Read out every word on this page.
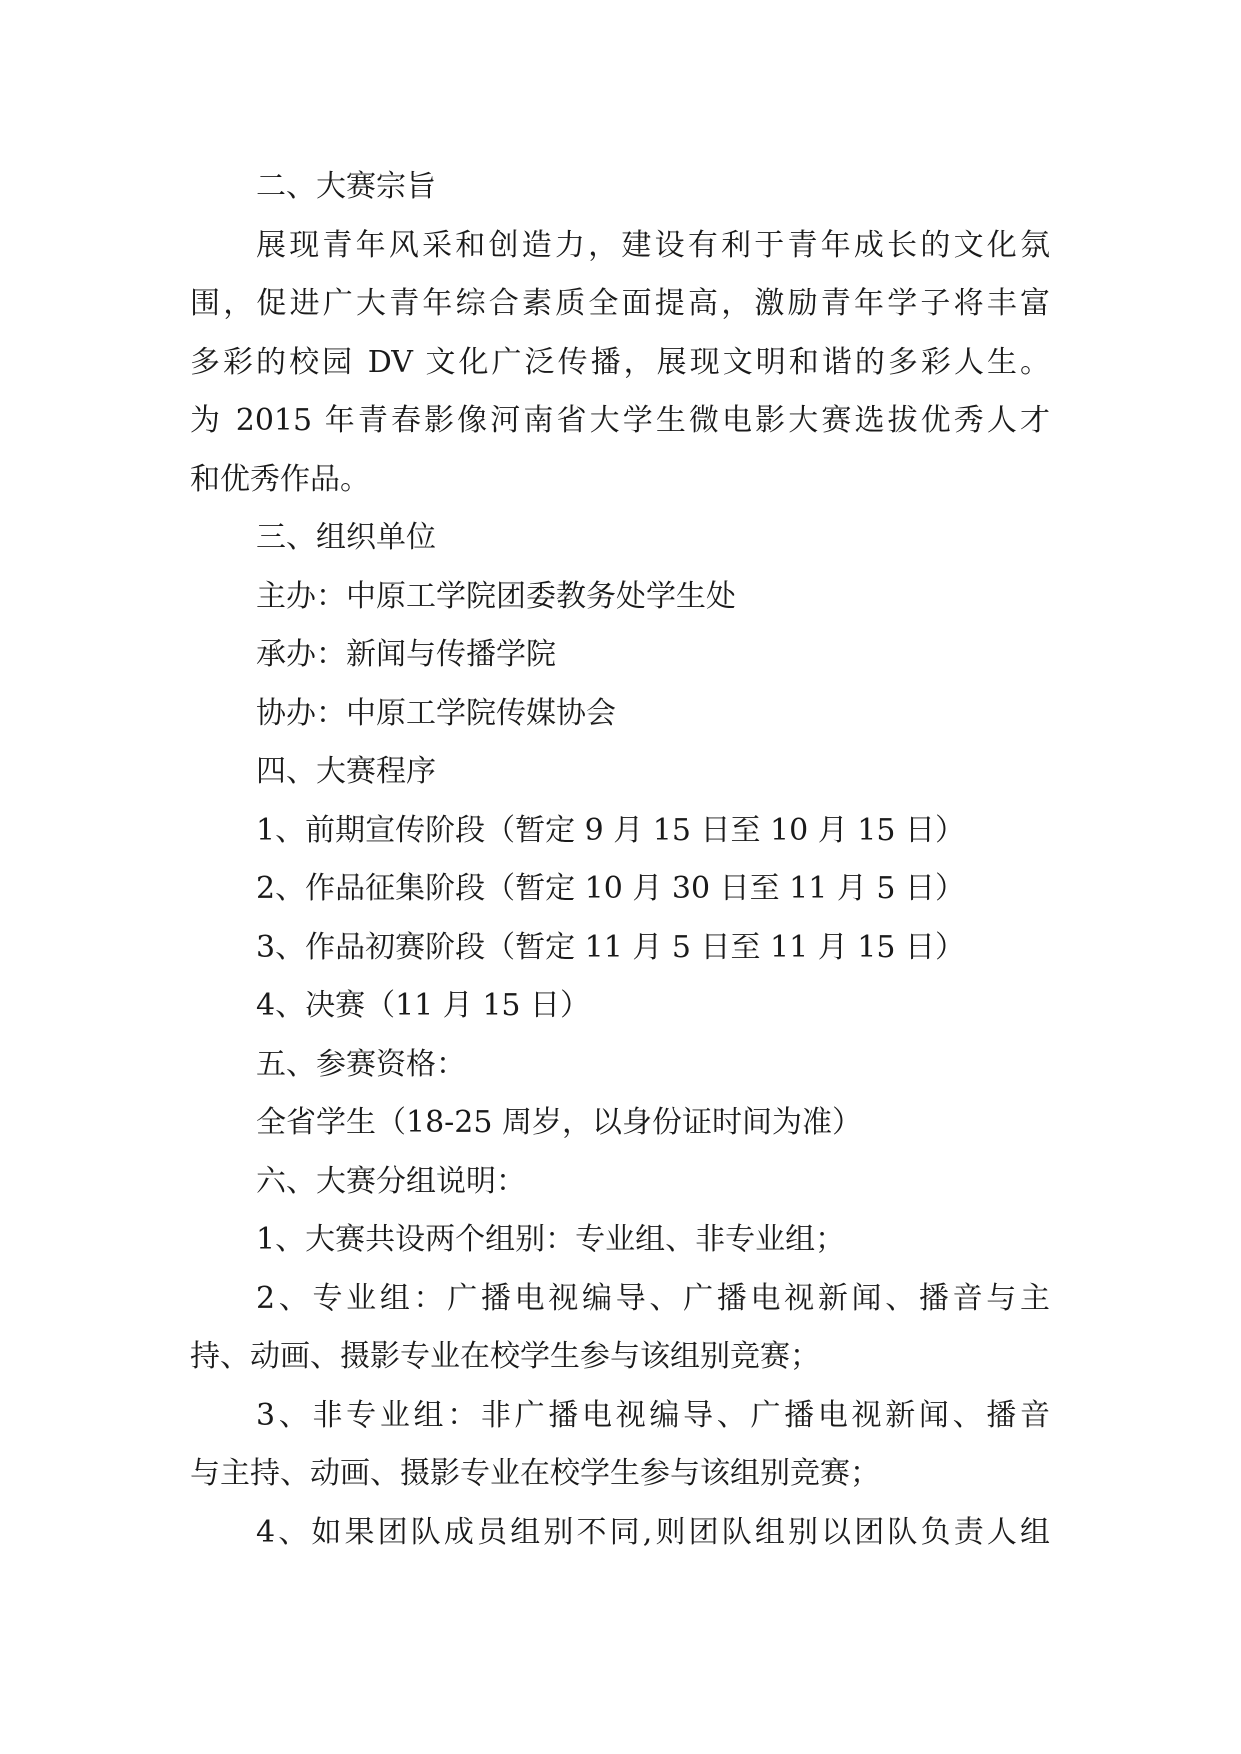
二、大赛宗旨
展现青年风采和创造力，建设有利于青年成长的文化氛
围，促进广大青年综合素质全面提高，激励青年学子将丰富
多彩的校园 DV 文化广泛传播，展现文明和谐的多彩人生。
为 2015 年青春影像河南省大学生微电影大赛选拔优秀人才
和优秀作品。
三、组织单位
主办：中原工学院团委教务处学生处
承办：新闻与传播学院
协办：中原工学院传媒协会
四、大赛程序
1、前期宣传阶段（暂定 9 月 15 日至 10 月 15 日）
2、作品征集阶段（暂定 10 月 30 日至 11 月 5 日）
3、作品初赛阶段（暂定 11 月 5 日至 11 月 15 日）
4、决赛（11 月 15 日）
五、参赛资格：
全省学生（18-25 周岁，以身份证时间为准）
六、大赛分组说明：
1、大赛共设两个组别：专业组、非专业组；
2、专业组：广播电视编导、广播电视新闻、播音与主
持、动画、摄影专业在校学生参与该组别竞赛；
3、非专业组：非广播电视编导、广播电视新闻、播音
与主持、动画、摄影专业在校学生参与该组别竞赛；
4、如果团队成员组别不同,则团队组别以团队负责人组
